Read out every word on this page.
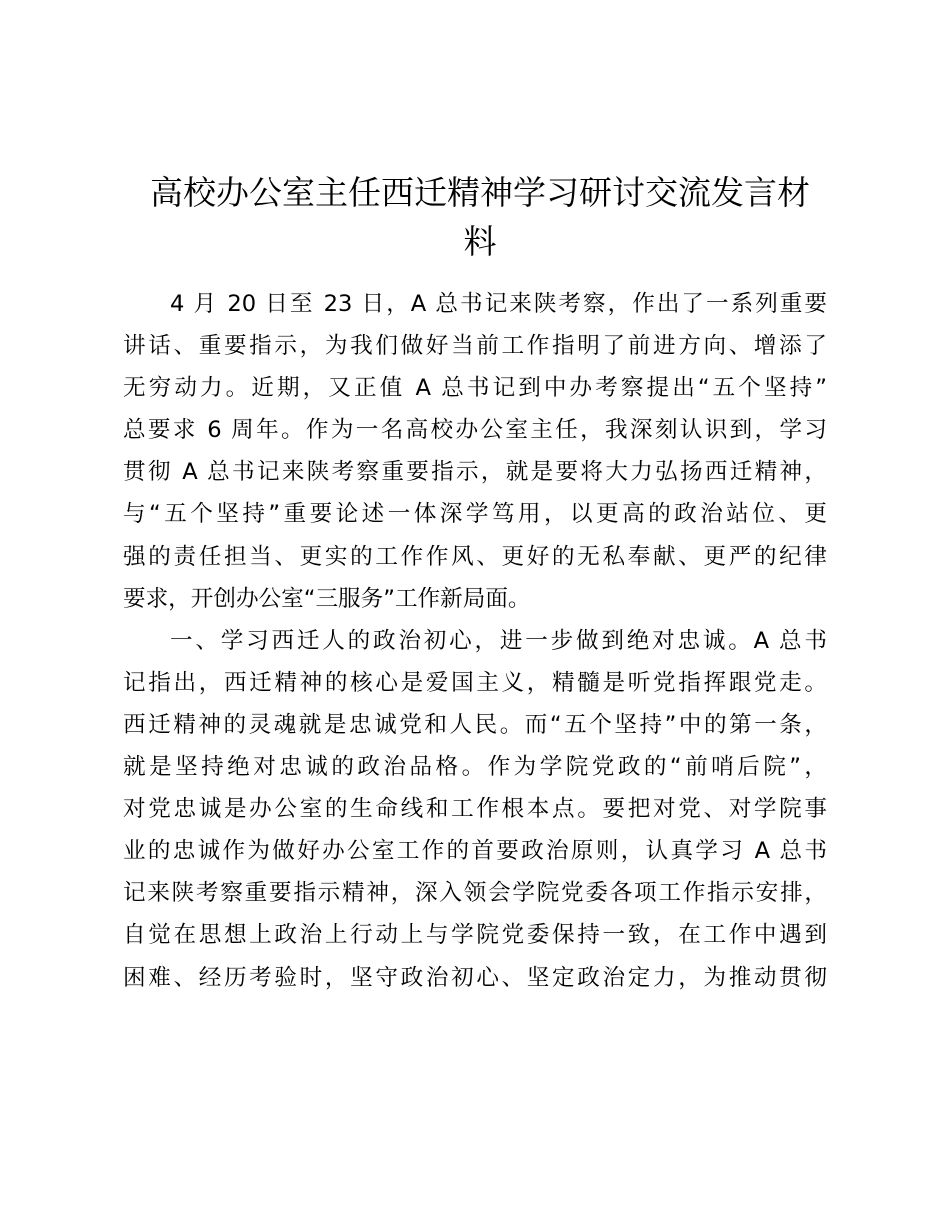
高校办公室主任西迁精神学习研讨交流发言材
料

4 月 20 日至 23 日，A 总书记来陕考察，作出了一系列重要
讲话、重要指示，为我们做好当前工作指明了前进方向、增添了
无穷动力。近期，又正值 A 总书记到中办考察提出“五个坚持”
总要求 6 周年。作为一名高校办公室主任，我深刻认识到，学习
贯彻 A 总书记来陕考察重要指示，就是要将大力弘扬西迁精神，
与“五个坚持”重要论述一体深学笃用，以更高的政治站位、更
强的责任担当、更实的工作作风、更好的无私奉献、更严的纪律
要求，开创办公室“三服务”工作新局面。

一、学习西迁人的政治初心，进一步做到绝对忠诚。A 总书
记指出，西迁精神的核心是爱国主义，精髓是听党指挥跟党走。
西迁精神的灵魂就是忠诚党和人民。而“五个坚持”中的第一条，
就是坚持绝对忠诚的政治品格。作为学院党政的“前哨后院”，
对党忠诚是办公室的生命线和工作根本点。要把对党、对学院事
业的忠诚作为做好办公室工作的首要政治原则，认真学习 A 总书
记来陕考察重要指示精神，深入领会学院党委各项工作指示安排，
自觉在思想上政治上行动上与学院党委保持一致，在工作中遇到
困难、经历考验时，坚守政治初心、坚定政治定力，为推动贯彻
